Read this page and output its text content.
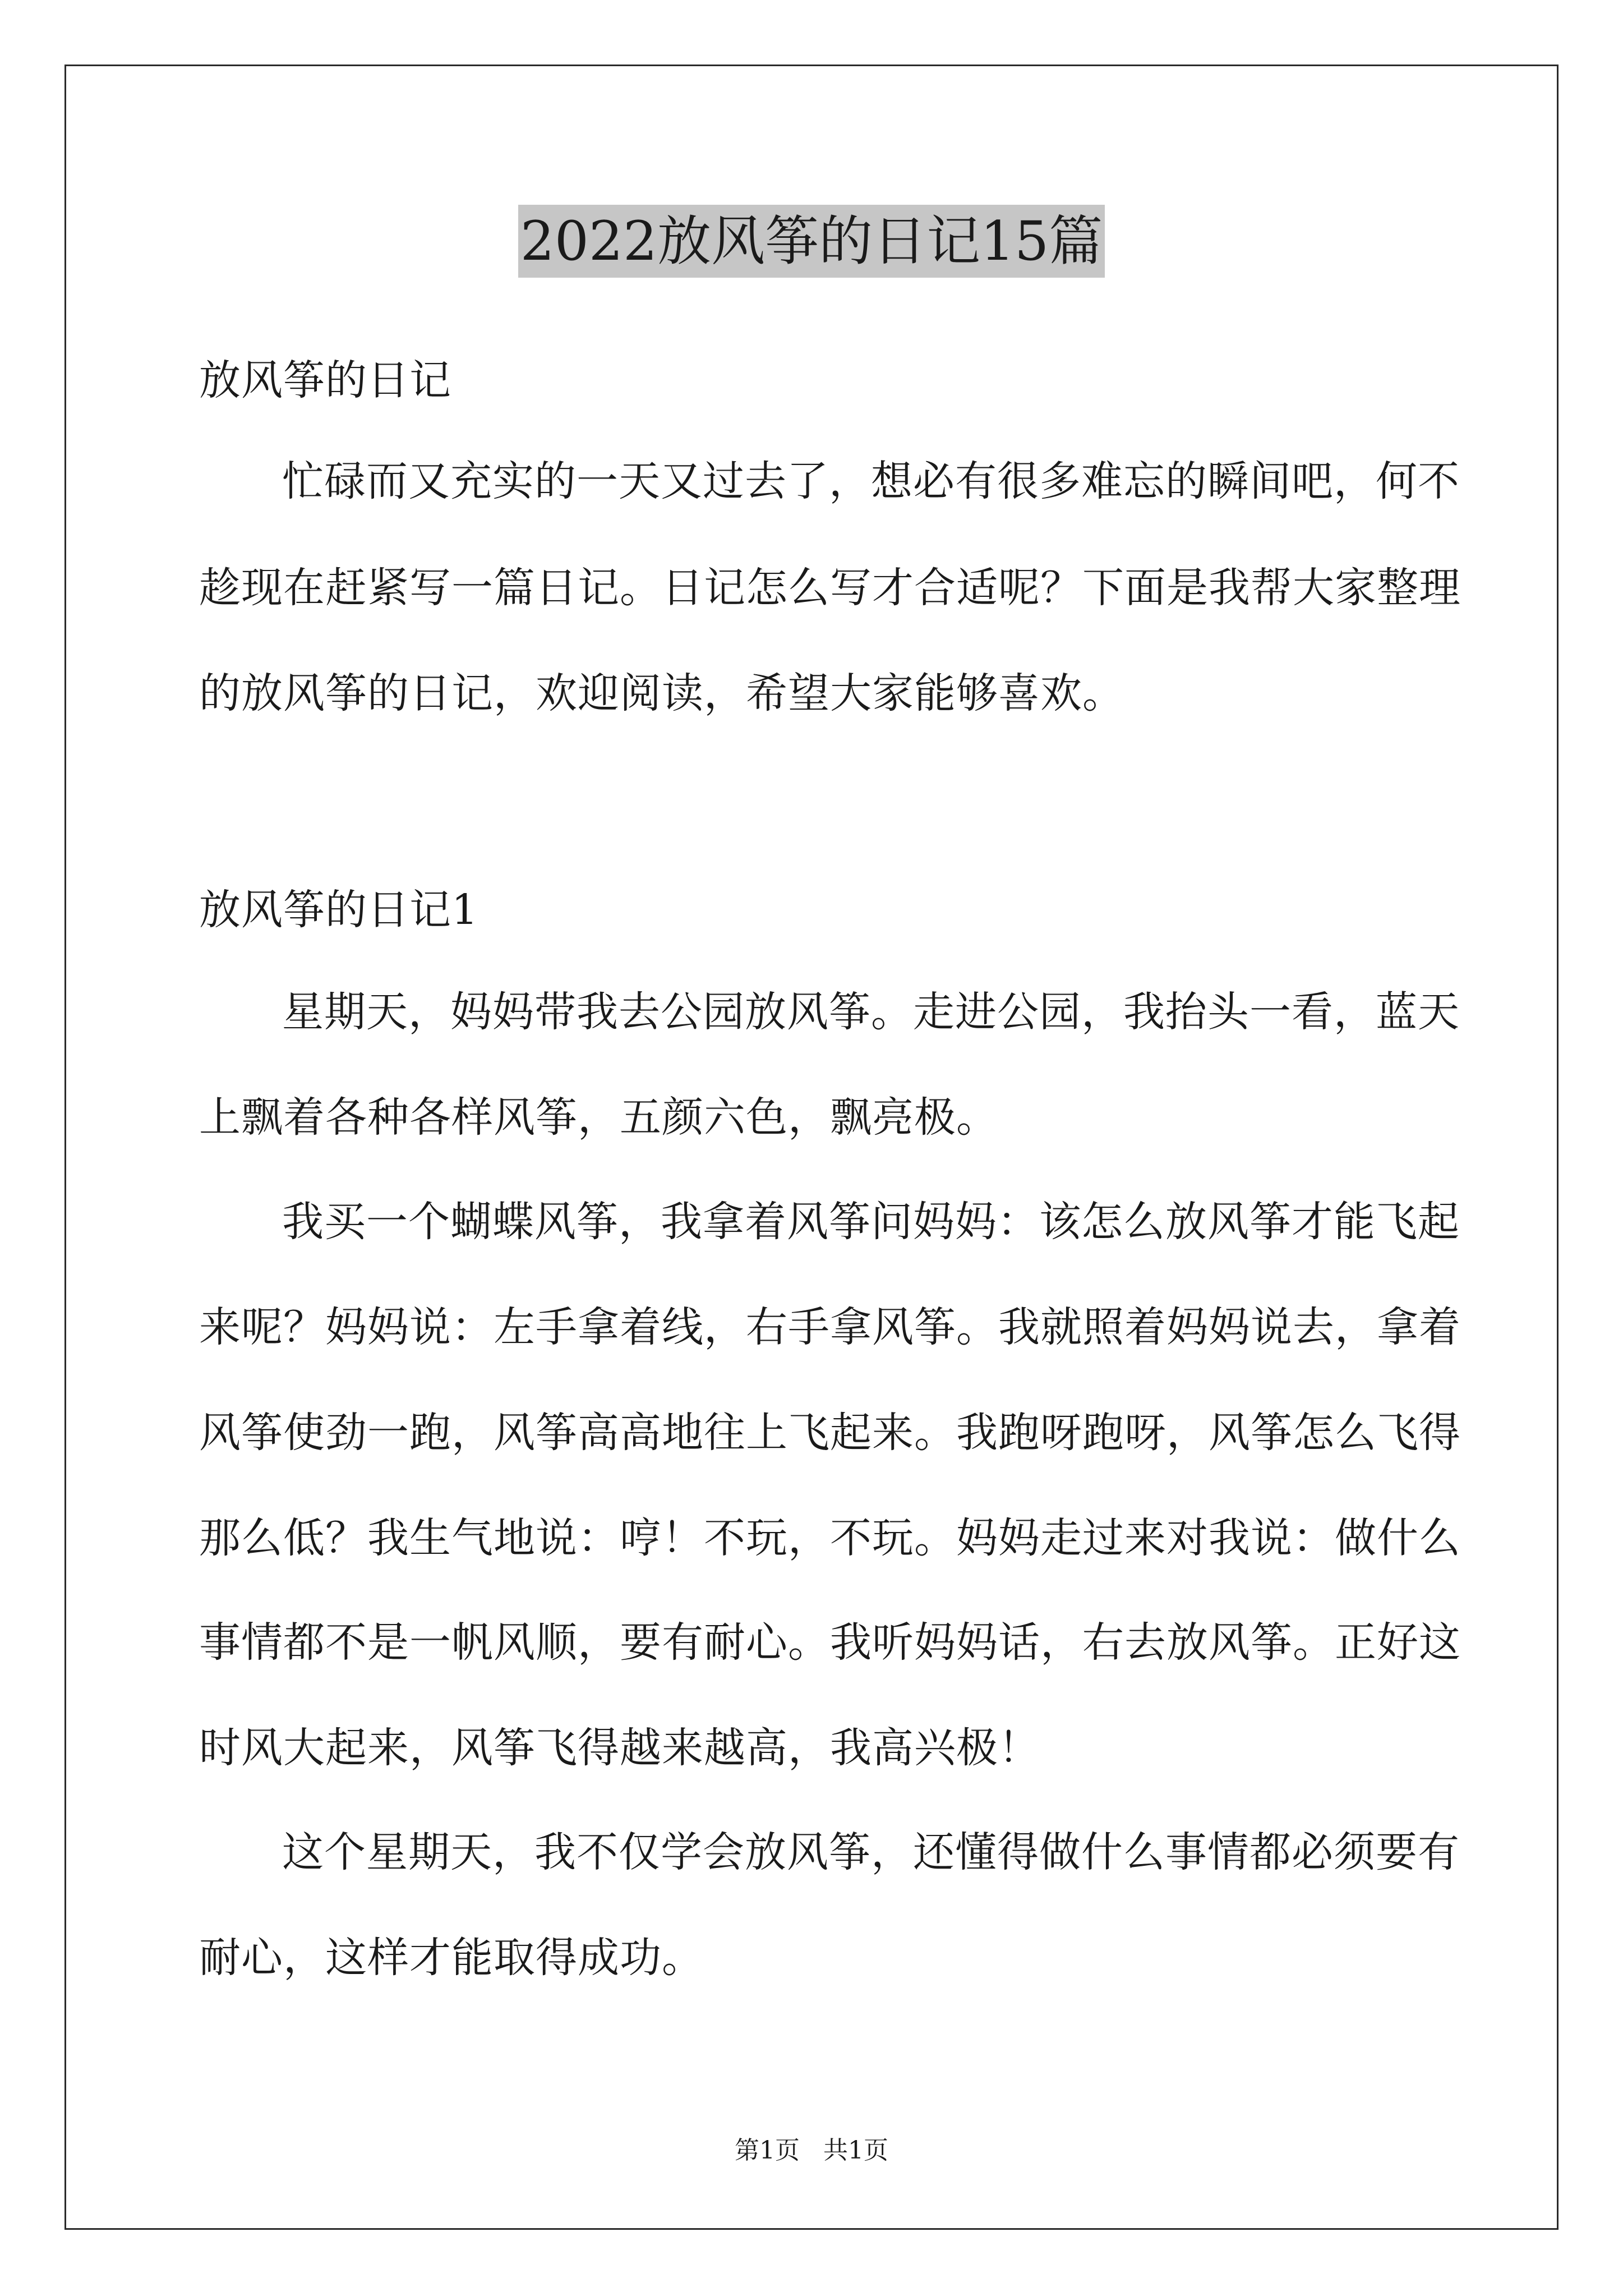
2022放风筝的日记15篇
放风筝的日记
忙碌而又充实的一天又过去了，想必有很多难忘的瞬间吧，何不
趁现在赶紧写一篇日记。日记怎么写才合适呢？下面是我帮大家整理
的放风筝的日记，欢迎阅读，希望大家能够喜欢。
放风筝的日记1
星期天，妈妈带我去公园放风筝。走进公园，我抬头一看，蓝天
上飘着各种各样风筝，五颜六色，飘亮极。
我买一个蝴蝶风筝，我拿着风筝问妈妈：该怎么放风筝才能飞起
来呢？妈妈说：左手拿着线，右手拿风筝。我就照着妈妈说去，拿着
风筝使劲一跑，风筝高高地往上飞起来。我跑呀跑呀，风筝怎么飞得
那么低？我生气地说：哼！不玩，不玩。妈妈走过来对我说：做什么
事情都不是一帆风顺，要有耐心。我听妈妈话，右去放风筝。正好这
时风大起来，风筝飞得越来越高，我高兴极！
这个星期天，我不仅学会放风筝，还懂得做什么事情都必须要有
耐心，这样才能取得成功。
第1页   共1页
